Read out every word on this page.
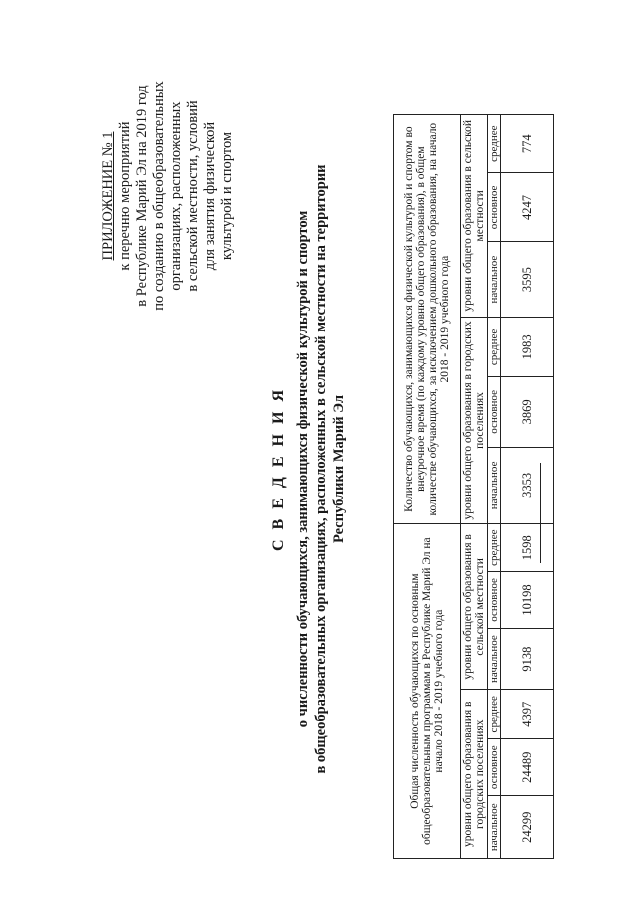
ПРИЛОЖЕНИЕ № 1 к перечню мероприятий в Республике Марий Эл на 2019 год по созданию в общеобразовательных организациях, расположенных в сельской местности, условий для занятия физической культурой и спортом
С В Е Д Е Н И Я о численности обучающихся, занимающихся физической культурой и спортом в общеобразовательных организациях, расположенных в сельской местности на территории Республики Марий Эл
Общая численность обучающихся по основным общеобразовательным программам в Республике Марий Эл на начало 2018 - 2019 учебного года						Количество обучающихся, занимающихся физической культурой и спортом во внеурочное время (по каждому уровню общего образования), в общем количестве обучающихся, за исключением дошкольного образования, на начало 2018 - 2019 учебного года					
уровни общего образования в городских поселениях			уровни общего образования в сельской местности			уровни общего образования в городских поселениях			уровни общего образования в сельской местности		
начальное	основное	среднее	начальное	основное	среднее	начальное	основное	среднее	начальное	основное	среднее
24299	24489	4397	9138	10198	1598	3353	3869	1983	3595	4247	774
